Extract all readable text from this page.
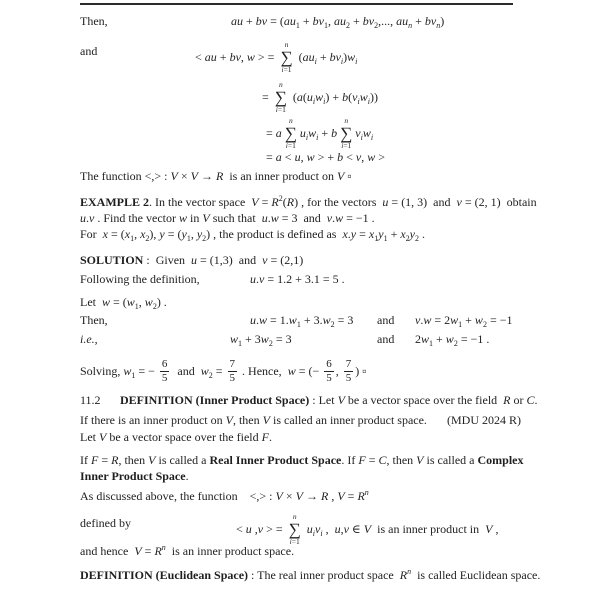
Then,	au + bv = ($au_1 + bv_1$, $au_2 + bv_2$,..., $au_n + bv_n$)
and	< au + bv, w > =
n
∑
i=1
$(au_i + bv_i)w_i$
=
n
∑
i=1
$(a(u_iw_i) + b(v_iw_i))$
= a
n
∑
i=1
$u_iw_i + b$
n
∑
i=1
$v_iw_i$
= a < u, w > + b < v, w >
The function <,> : V × V → R  is an inner product on V ▫
EXAMPLE 2. In the vector space  $V = R^2(R)$ , for the vectors  u = (1, 3)  and  v = (2, 1)  obtain
u.v . Find the vector w in V such that  u.w = 3  and  v.w = −1 .
For  $x = (x_1$, $x_2$), $y = (y_1$, $y_2$) , the product is defined as  $x.y = x_1y_1 + x_2y_2$ .
SOLUTION :  Given  u = (1,3)  and  v = (2,1)
Following the definition,	u.v = 1.2 + 3.1 = 5 .
Let  $w = (w_1$, $w_2$) .
Then,	$u.w = 1.w_1 + 3.w_2 = 3$ and $v.w = 2w_1 + w_2 = -1$
i.e.,	$w_1 + 3w_2 = 3$	and $2w_1 + w_2 = -1$ .
Solving, $w_1$ = − $\frac{6}{5}$ and  $w_2 = \frac{7}{5}$ . Hence,  w = (− $\frac{6}{5}$ , $\frac{7}{5}$ ) ▫
11.2 DEFINITION (Inner Product Space) : Let V be a vector space over the field  R or C.
If there is an inner product on V, then V is called an inner product space. (MDU 2024 R)
Let V be a vector space over the field F.
If F = R, then V is called a Real Inner Product Space. If F = C, then V is called a Complex
Inner Product Space.
As discussed above, the function    <,> : V × V → R , $V = R^n$
defined by	< u ,v > =
n
∑
i=1
$u_iv_i$ ,  u,v ∈ V  is an inner product in  V ,
and hence  $V = R^n$  is an inner product space.
DEFINITION (Euclidean Space) : The real inner product space  $R^n$  is called Euclidean space.
